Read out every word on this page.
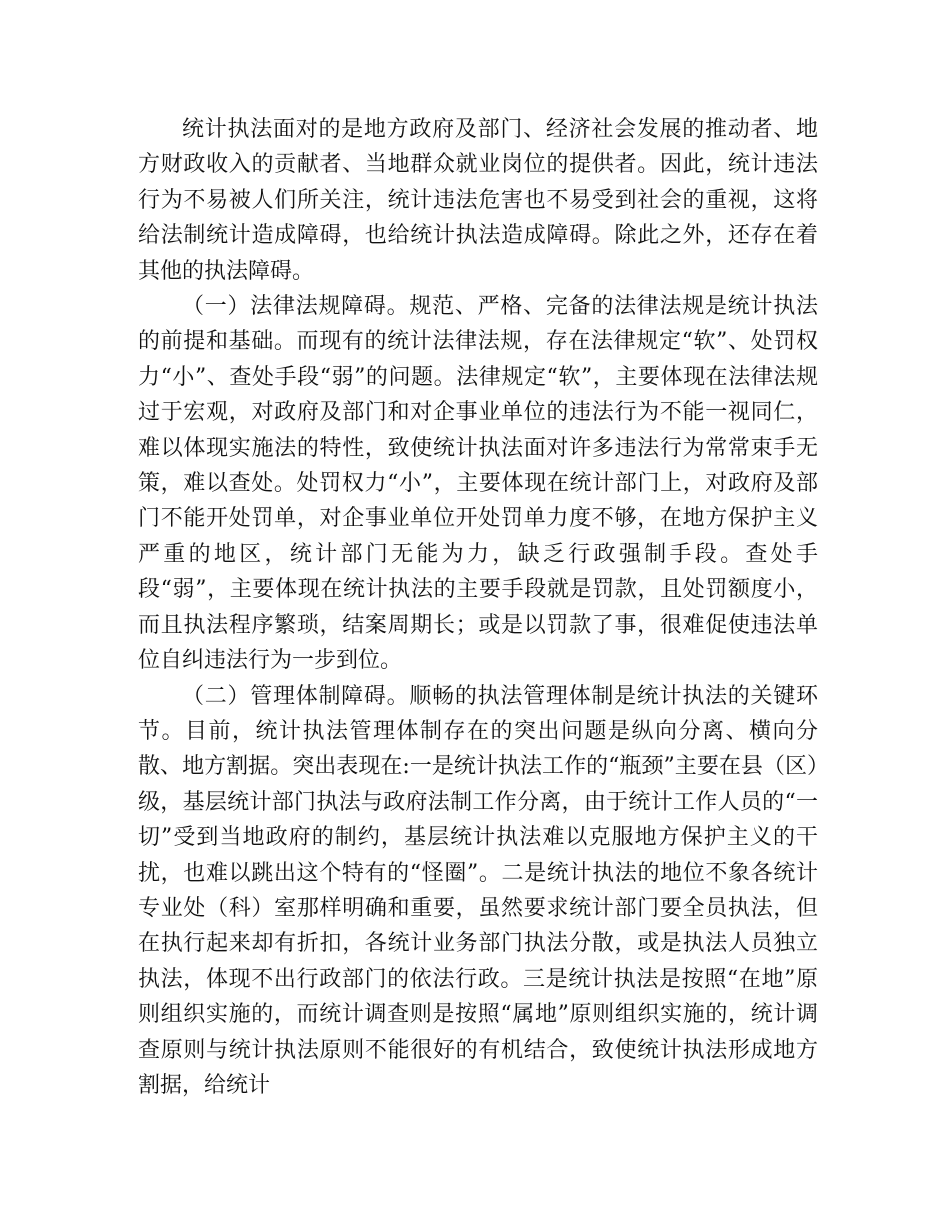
统计执法面对的是地方政府及部门、经济社会发展的推动者、地方财政收入的贡献者、当地群众就业岗位的提供者。因此，统计违法行为不易被人们所关注，统计违法危害也不易受到社会的重视，这将给法制统计造成障碍，也给统计执法造成障碍。除此之外，还存在着其他的执法障碍。

（一）法律法规障碍。规范、严格、完备的法律法规是统计执法的前提和基础。而现有的统计法律法规，存在法律规定“软”、处罚权力“小”、查处手段“弱”的问题。法律规定“软”，主要体现在法律法规过于宏观，对政府及部门和对企事业单位的违法行为不能一视同仁，难以体现实施法的特性，致使统计执法面对许多违法行为常常束手无策，难以查处。处罚权力“小”，主要体现在统计部门上，对政府及部门不能开处罚单，对企事业单位开处罚单力度不够，在地方保护主义严重的地区，统计部门无能为力，缺乏行政强制手段。查处手段“弱”，主要体现在统计执法的主要手段就是罚款，且处罚额度小，而且执法程序繁琐，结案周期长；或是以罚款了事，很难促使违法单位自纠违法行为一步到位。

（二）管理体制障碍。顺畅的执法管理体制是统计执法的关键环节。目前，统计执法管理体制存在的突出问题是纵向分离、横向分散、地方割据。突出表现在:一是统计执法工作的“瓶颈”主要在县（区）级，基层统计部门执法与政府法制工作分离，由于统计工作人员的“一切”受到当地政府的制约，基层统计执法难以克服地方保护主义的干扰，也难以跳出这个特有的“怪圈”。二是统计执法的地位不象各统计专业处（科）室那样明确和重要，虽然要求统计部门要全员执法，但在执行起来却有折扣，各统计业务部门执法分散，或是执法人员独立执法，体现不出行政部门的依法行政。三是统计执法是按照“在地”原则组织实施的，而统计调查则是按照“属地”原则组织实施的，统计调查原则与统计执法原则不能很好的有机结合，致使统计执法形成地方割据，给统计
